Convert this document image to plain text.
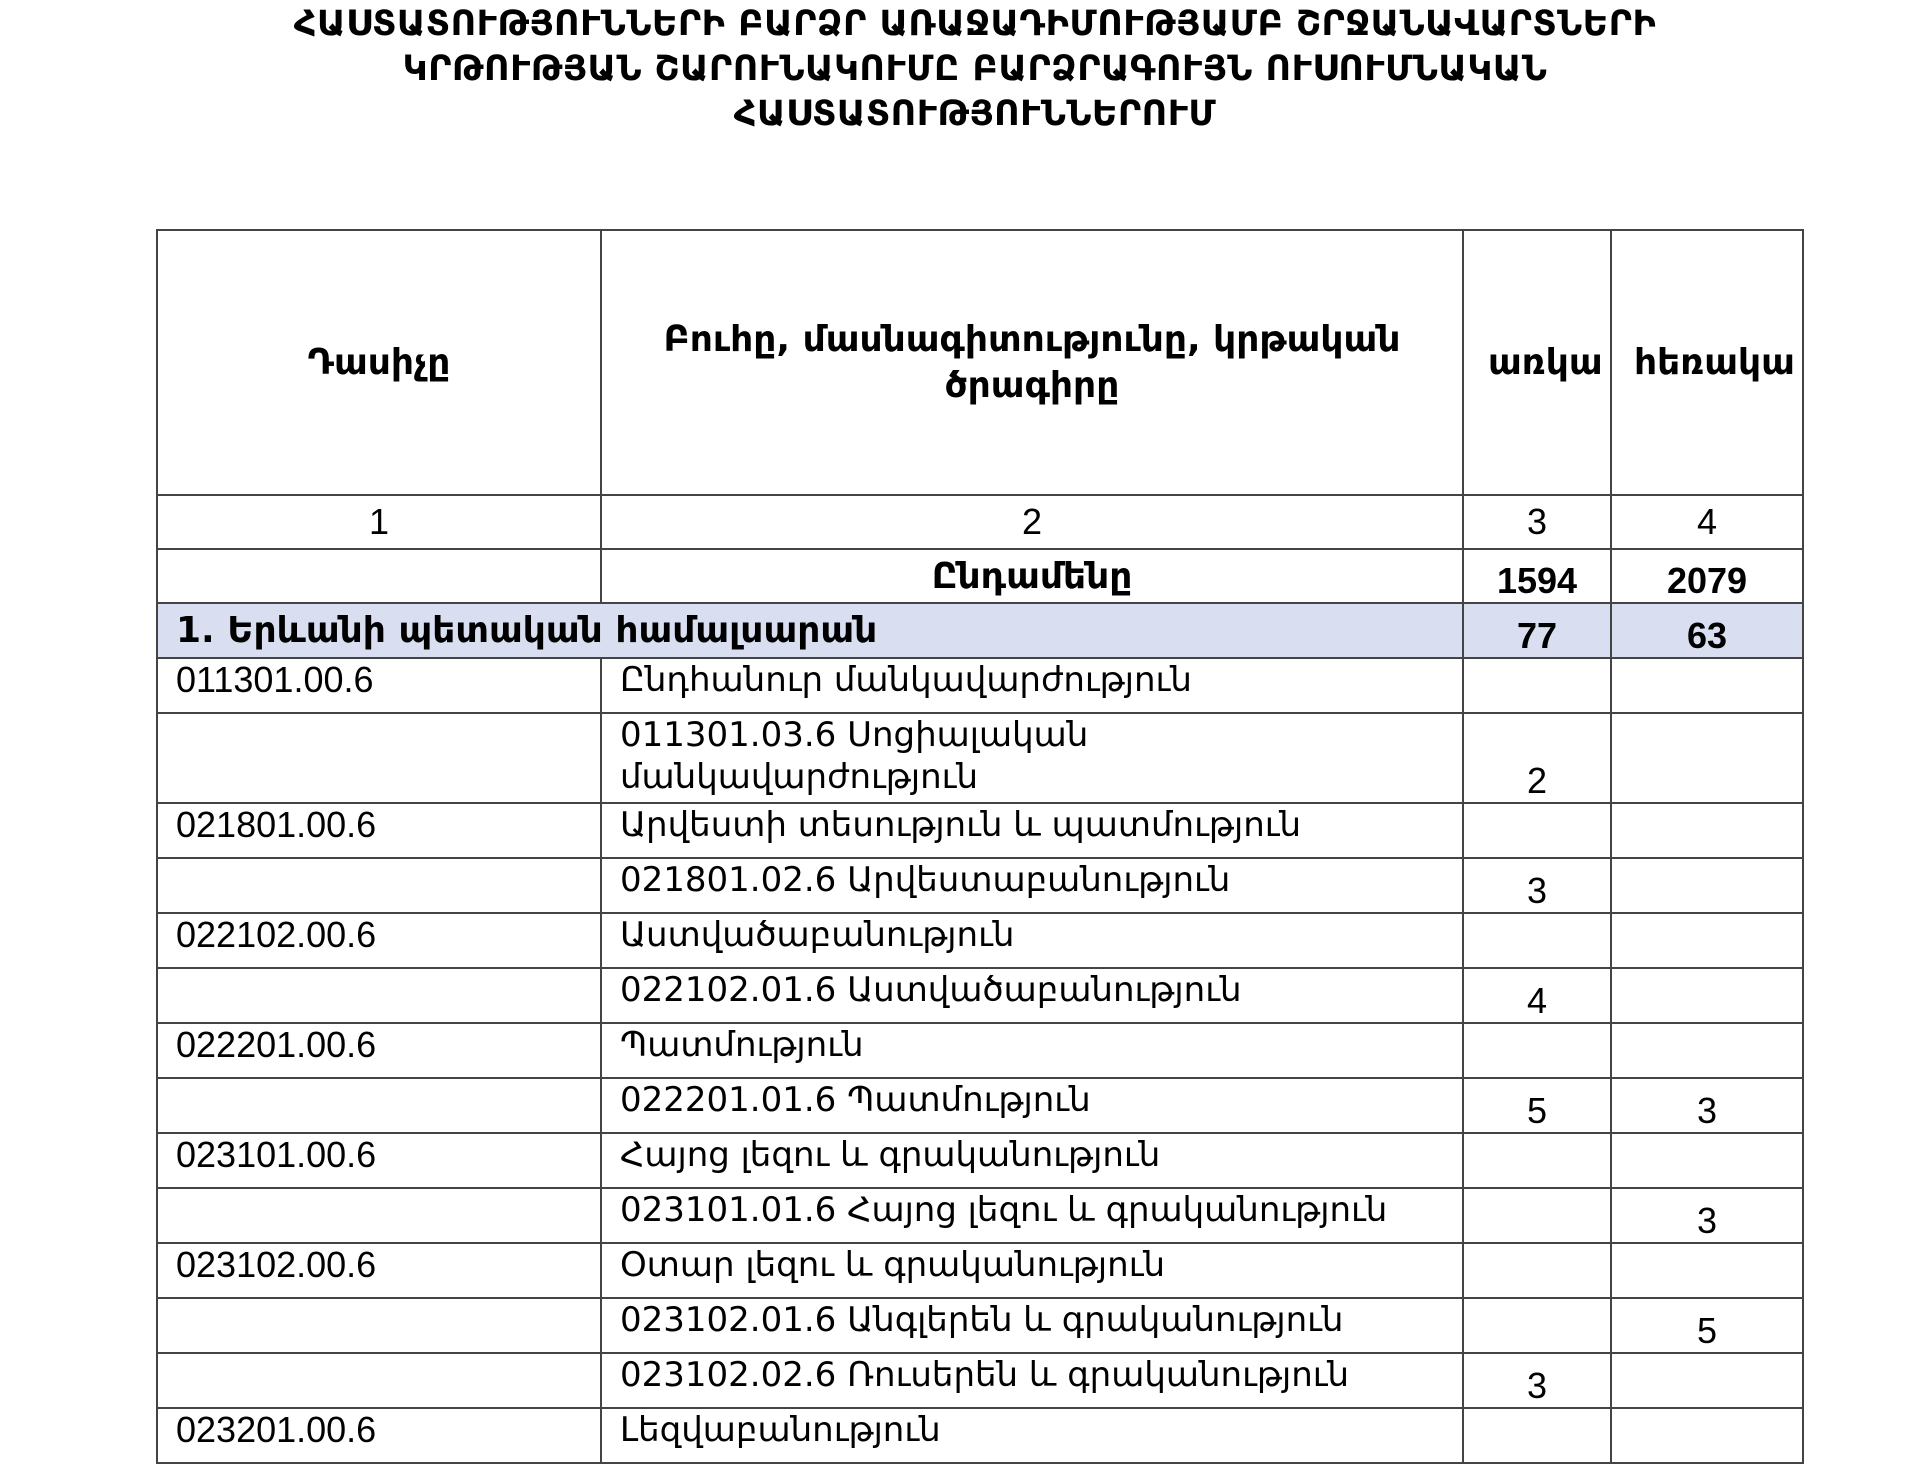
ՀԱՍՏԱՏՈՒԹՅՈՒՆՆԵՐԻ ԲԱՐՁՐ ԱՌԱՋԱԴԻՄՈՒԹՅԱՄԲ ՇՐՋԱՆԱՎԱՐՏՆԵՐԻ
ԿՐԹՈՒԹՅԱՆ ՇԱՐՈՒՆԱԿՈՒՄԸ ԲԱՐՁՐԱԳՈՒՅՆ ՈՒՍՈՒՄՆԱԿԱՆ
ՀԱՍՏԱՏՈՒԹՅՈՒՆՆԵՐՈՒՄ
Դասիչը	Բուհը, մասնագիտությունը, կրթական ծրագիրը	առկա	հեռակա
1	2	3	4
	Ընդամենը	1594	2079
1. Երևանի պետական համալսարան		77	63
011301.00.6	Ընդհանուր մանկավարժություն		
	011301.03.6 Սոցիալական մանկավարժություն	2	
021801.00.6	Արվեստի տեսություն և պատմություն		
	021801.02.6 Արվեստաբանություն	3	
022102.00.6	Աստվածաբանություն		
	022102.01.6 Աստվածաբանություն	4	
022201.00.6	Պատմություն		
	022201.01.6 Պատմություն	5	3
023101.00.6	Հայոց լեզու և գրականություն		
	023101.01.6 Հայոց լեզու և գրականություն		3
023102.00.6	Օտար լեզու և գրականություն		
	023102.01.6 Անգլերեն և գրականություն		5
	023102.02.6 Ռուսերեն և գրականություն	3	
023201.00.6	Լեզվաբանություն		
